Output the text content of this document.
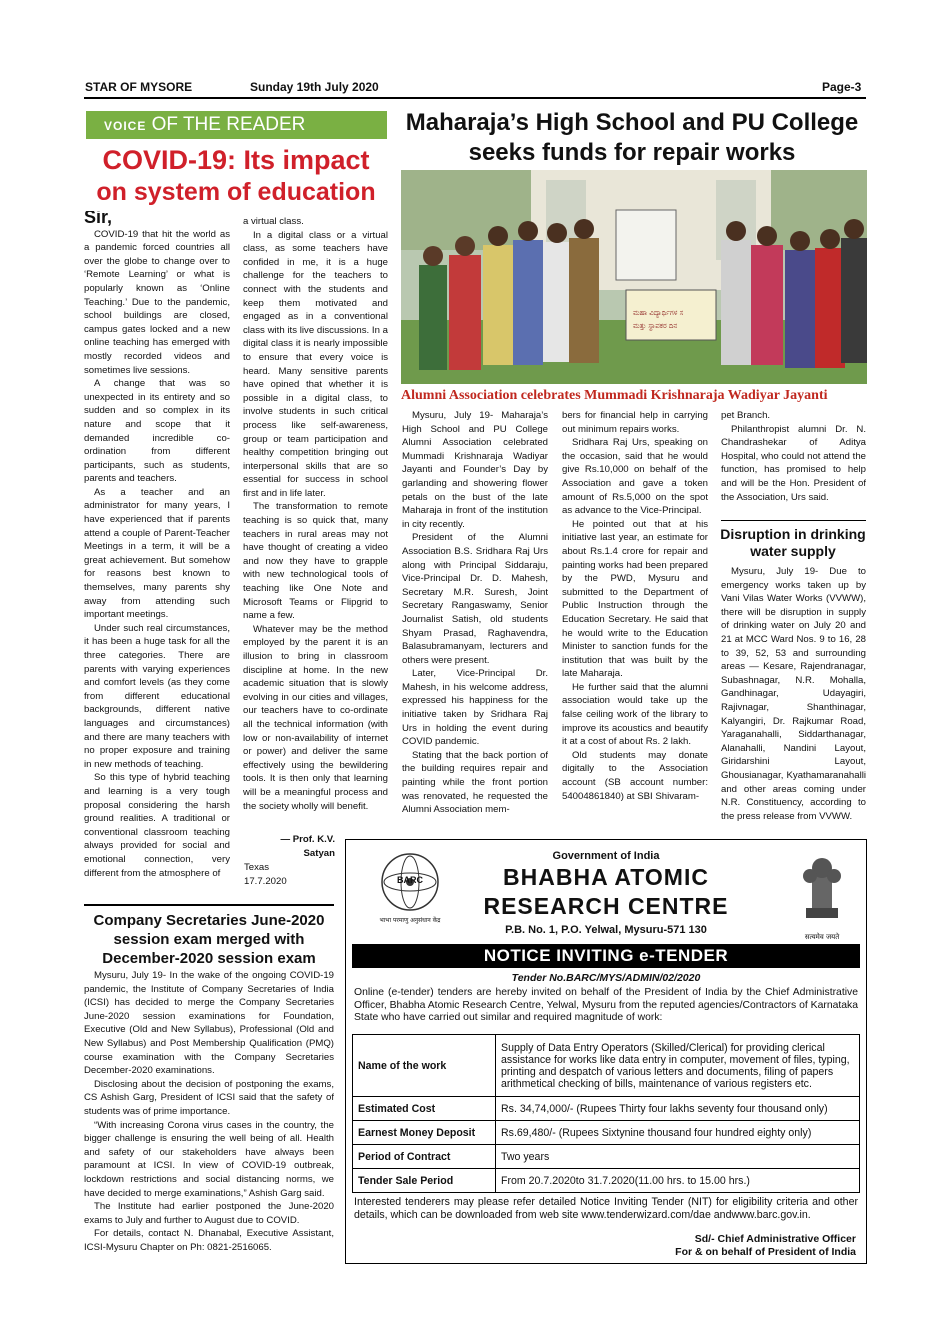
STAR OF MYSORE	Sunday 19th July 2020	Page-3
VOICE OF THE READER
COVID-19: Its impact
on system of education

Sir,

COVID-19 that hit the world as a pandemic forced countries all over the globe to change over to ‘Remote Learning’ or what is popularly known as ‘Online Teaching.’ Due to the pandemic, school buildings are closed, campus gates locked and a new online teaching has emerged with mostly recorded videos and sometimes live sessions.

A change that was so unexpected in its entirety and so sudden and so complex in its nature and scope that it demanded incredible co-ordination from different participants, such as students, parents and teachers.

As a teacher and an administrator for many years, I have experienced that if parents attend a couple of Parent-Teacher Meetings in a term, it will be a great achievement. But somehow for reasons best known to themselves, many parents shy away from attending such important meetings.

Under such real circumstances, it has been a huge task for all the three categories. There are parents with varying experiences and comfort levels (as they come from different educational backgrounds, different native languages and circumstances) and there are many teachers with no proper exposure and training in new methods of teaching.

So this type of hybrid teaching and learning is a very tough proposal considering the harsh ground realities. A traditional or conventional classroom teaching always provided for social and emotional connection, very different from the atmosphere of

a virtual class.

In a digital class or a virtual class, as some teachers have confided in me, it is a huge challenge for the teachers to connect with the students and keep them motivated and engaged as in a conventional class with its live discussions. In a digital class it is nearly impossible to ensure that every voice is heard. Many sensitive parents have opined that whether it is possible in a digital class, to involve students in such critical process like self-awareness, group or team participation and healthy competition bringing out interpersonal skills that are so essential for success in school first and in life later.

The transformation to remote teaching is so quick that, many teachers in rural areas may not have thought of creating a video and now they have to grapple with new technological tools of teaching like One Note and Microsoft Teams or Flipgrid to name a few.

Whatever may be the method employed by the parent it is an illusion to bring in classroom discipline at home. In the new academic situation that is slowly evolving in our cities and villages, our teachers have to co-ordinate all the technical information (with low or non-availability of internet or power) and deliver the same effectively using the bewildering tools. It is then only that learning will be a meaningful process and the society wholly will benefit.

— Prof. K.V. Satyan
Texas
17.7.2020
Company Secretaries June-2020 session exam merged with December-2020 session exam

Mysuru, July 19- In the wake of the ongoing COVID-19 pandemic, the Institute of Company Secretaries of India (ICSI) has decided to merge the Company Secretaries June-2020 session examinations for Foundation, Executive (Old and New Syllabus), Professional (Old and New Syllabus) and Post Membership Qualification (PMQ) course examination with the Company Secretaries December-2020 examinations.

Disclosing about the decision of postponing the exams, CS Ashish Garg, President of ICSI said that the safety of students was of prime importance.

“With increasing Corona virus cases in the country, the bigger challenge is ensuring the well being of all. Health and safety of our stakeholders have always been paramount at ICSI. In view of COVID-19 outbreak, lockdown restrictions and social distancing norms, we have decided to merge examinations,” Ashish Garg said.

The Institute had earlier postponed the June-2020 exams to July and further to August due to COVID.

For details, contact N. Dhanabal, Executive Assistant, ICSI-Mysuru Chapter on Ph: 0821-2516065.

Maharaja’s High School and PU College
seeks funds for repair works
ಮಹಾ ವಿದ್ಯಾರ್ಥಿಗಳ ಸ
ಮತ್ತು ಸ್ಥಾಪಕರ ದಿನ
Alumni Association celebrates Mummadi Krishnaraja Wadiyar Jayanti

Mysuru, July 19- Maharaja’s High School and PU College Alumni Association celebrated Mummadi Krishnaraja Wadiyar Jayanti and Founder’s Day by garlanding and showering flower petals on the bust of the late Maharaja in front of the institution in city recently.

President of the Alumni Association B.S. Sridhara Raj Urs along with Principal Siddaraju, Vice-Principal Dr. D. Mahesh, Secretary M.R. Suresh, Joint Secretary Rangaswamy, Senior Journalist Satish, old students Shyam Prasad, Raghavendra, Balasubramanyam, lecturers and others were present.

Later, Vice-Principal Dr. Mahesh, in his welcome address, expressed his happiness for the initiative taken by Sridhara Raj Urs in holding the event during COVID pandemic.

Stating that the back portion of the building requires repair and painting while the front portion was renovated, he requested the Alumni Association mem-

bers for financial help in carrying out minimum repairs works.

Sridhara Raj Urs, speaking on the occasion, said that he would give Rs.10,000 on behalf of the Association and gave a token amount of Rs.5,000 on the spot as advance to the Vice-Principal.

He pointed out that at his initiative last year, an estimate for about Rs.1.4 crore for repair and painting works had been prepared by the PWD, Mysuru and submitted to the Department of Public Instruction through the Education Secretary. He said that he would write to the Education Minister to sanction funds for the institution that was built by the late Maharaja.

He further said that the alumni association would take up the false ceiling work of the library to improve its acoustics and beautify it at a cost of about Rs. 2 lakh.

Old students may donate digitally to the Association account (SB account number: 54004861840) at SBI Shivaram-

pet Branch.

Philanthropist alumni Dr. N. Chandrashekar of Aditya Hospital, who could not attend the function, has promised to help and will be the Hon. President of the Association, Urs said.

Disruption in drinking water supply

Mysuru, July 19- Due to emergency works taken up by Vani Vilas Water Works (VVWW), there will be disruption in supply of drinking water on July 20 and 21 at MCC Ward Nos. 9 to 16, 28 to 39, 52, 53 and surrounding areas — Kesare, Rajendranagar, Subashnagar, N.R. Mohalla, Gandhinagar, Udayagiri, Rajivnagar, Shanthinagar, Kalyangiri, Dr. Rajkumar Road, Yaraganahalli, Siddarthanagar, Alanahalli, Nandini Layout, Giridarshini Layout, Ghousianagar, Kyathamaranahalli and other areas coming under N.R. Constituency, according to the press release from VVWW.

Government of India
BHABHA ATOMIC
RESEARCH CENTRE
P.B. No. 1, P.O. Yelwal, Mysuru-571 130
BARC
भाभा परमाणु अनुसंधान केंद्र
सत्यमेव जयते
NOTICE INVITING e-TENDER
Tender No.BARC/MYS/ADMIN/02/2020
Online (e-tender) tenders are hereby invited on behalf of the President of India by the Chief Administrative Officer, Bhabha Atomic Research Centre, Yelwal, Mysuru from the reputed agencies/Contractors of Karnataka State who have carried out similar and required magnitude of work:
Name of the work	Supply of Data Entry Operators (Skilled/Clerical) for providing clerical assistance for works like data entry in computer, movement of files, typing, printing and despatch of various letters and documents, filing of papers arithmetical checking of bills, maintenance of various registers etc.
Estimated Cost	Rs. 34,74,000/- (Rupees Thirty four lakhs seventy four thousand only)
Earnest Money Deposit	Rs.69,480/- (Rupees Sixtynine thousand four hundred eighty only)
Period of Contract	Two years
Tender Sale Period	From 20.7.2020to 31.7.2020(11.00 hrs. to 15.00 hrs.)
Interested tenderers may please refer detailed Notice Inviting Tender (NIT) for eligibility criteria and other details, which can be downloaded from web site www.tenderwizard.com/dae andwww.barc.gov.in.
Sd/- Chief Administrative Officer
For & on behalf of President of India
